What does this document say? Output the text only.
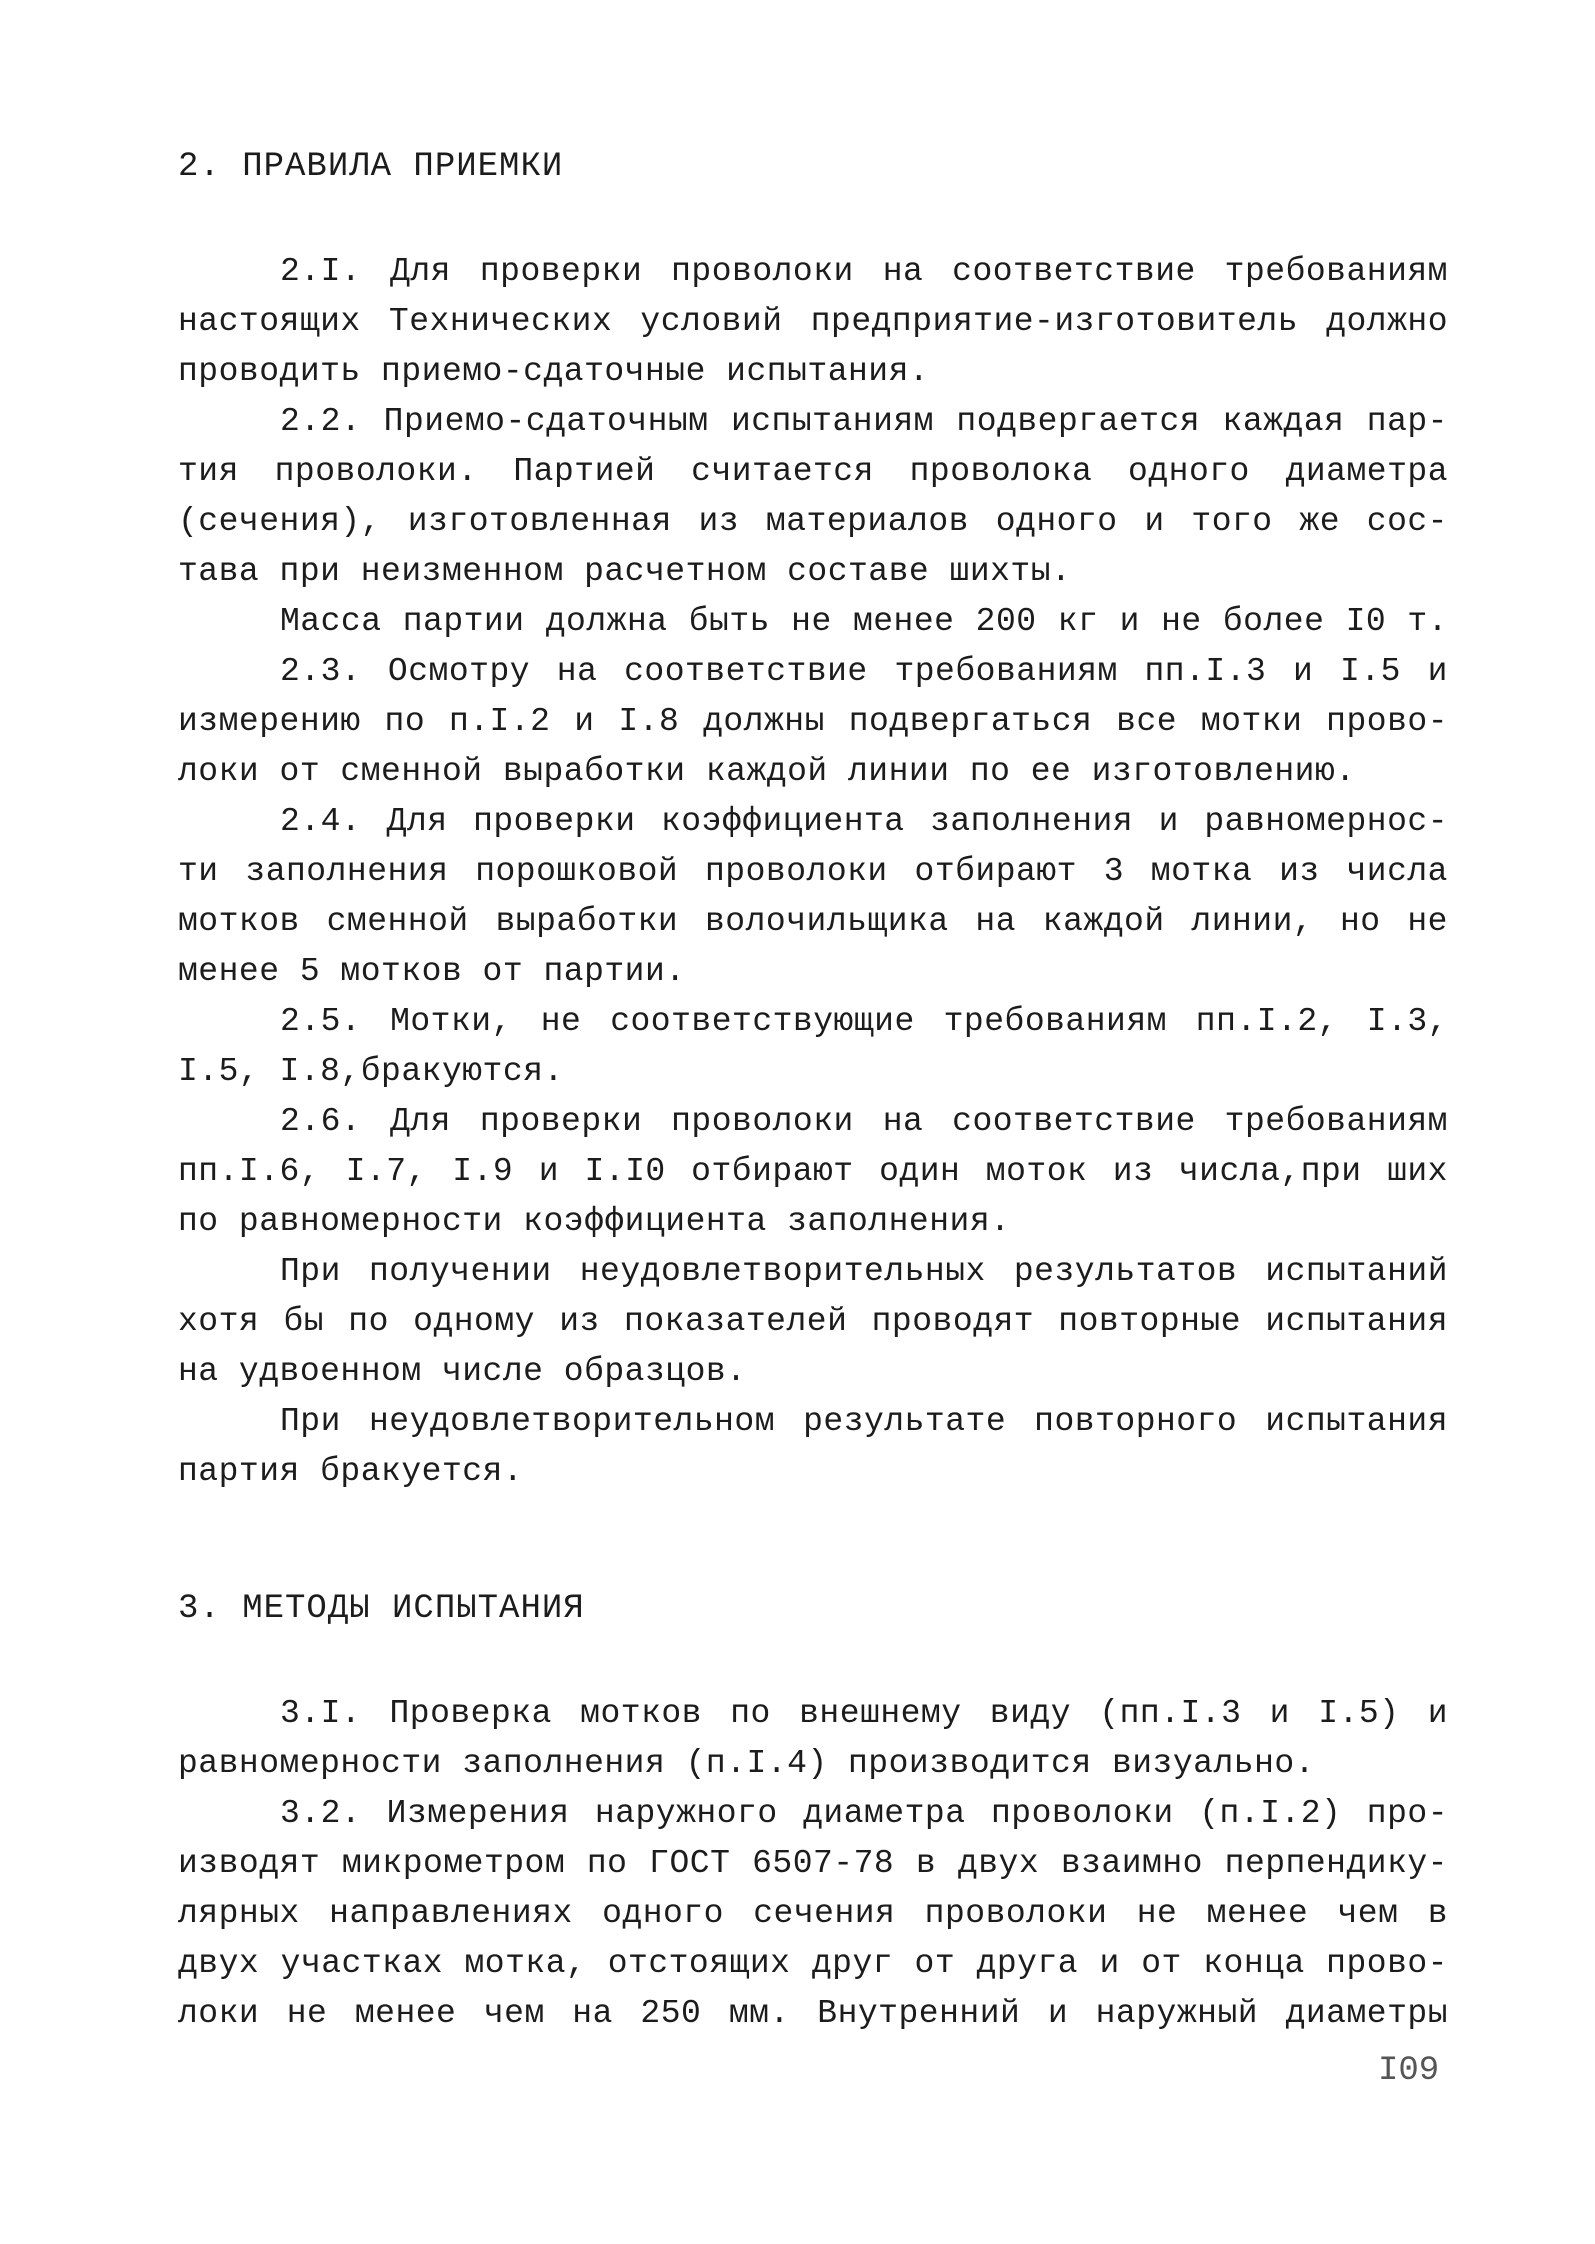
2. ПРАВИЛА ПРИЕМКИ
2.I. Для проверки проволоки на соответствие требованиям
настоящих Технических условий предприятие-изготовитель должно
проводить приемо-сдаточные испытания.
2.2. Приемо-сдаточным испытаниям подвергается каждая пар-
тия проволоки. Партией считается проволока одного диаметра
(сечения), изготовленная из материалов одного и того же сос-
тава при неизменном расчетном составе шихты.
Масса партии должна быть не менее 200 кг и не более I0 т.
2.3. Осмотру на соответствие требованиям пп.I.3 и I.5 и
измерению по п.I.2 и I.8 должны подвергаться все мотки прово-
локи от сменной выработки каждой линии по ее изготовлению.
2.4. Для проверки коэффициента заполнения и равномернос-
ти заполнения порошковой проволоки отбирают 3 мотка из числа
мотков сменной выработки волочильщика на каждой линии, но не
менее 5 мотков от партии.
2.5. Мотки, не соответствующие требованиям пп.I.2, I.3,
I.5, I.8,бракуются.
2.6. Для проверки проволоки на соответствие требованиям
пп.I.6, I.7, I.9 и I.I0 отбирают один моток из числа,при ших
по равномерности коэффициента заполнения.
При получении неудовлетворительных результатов испытаний
хотя бы по одному из показателей проводят повторные испытания
на удвоенном числе образцов.
При неудовлетворительном результате повторного испытания
партия бракуется.
3. МЕТОДЫ ИСПЫТАНИЯ
3.I. Проверка мотков по внешнему виду (пп.I.3 и I.5) и
равномерности заполнения (п.I.4) производится визуально.
3.2. Измерения наружного диаметра проволоки (п.I.2) про-
изводят микрометром по ГОСТ 6507-78 в двух взаимно перпендику-
лярных направлениях одного сечения проволоки не менее чем в
двух участках мотка, отстоящих друг от друга и от конца прово-
локи не менее чем на 250 мм. Внутренний и наружный диаметры
I09
